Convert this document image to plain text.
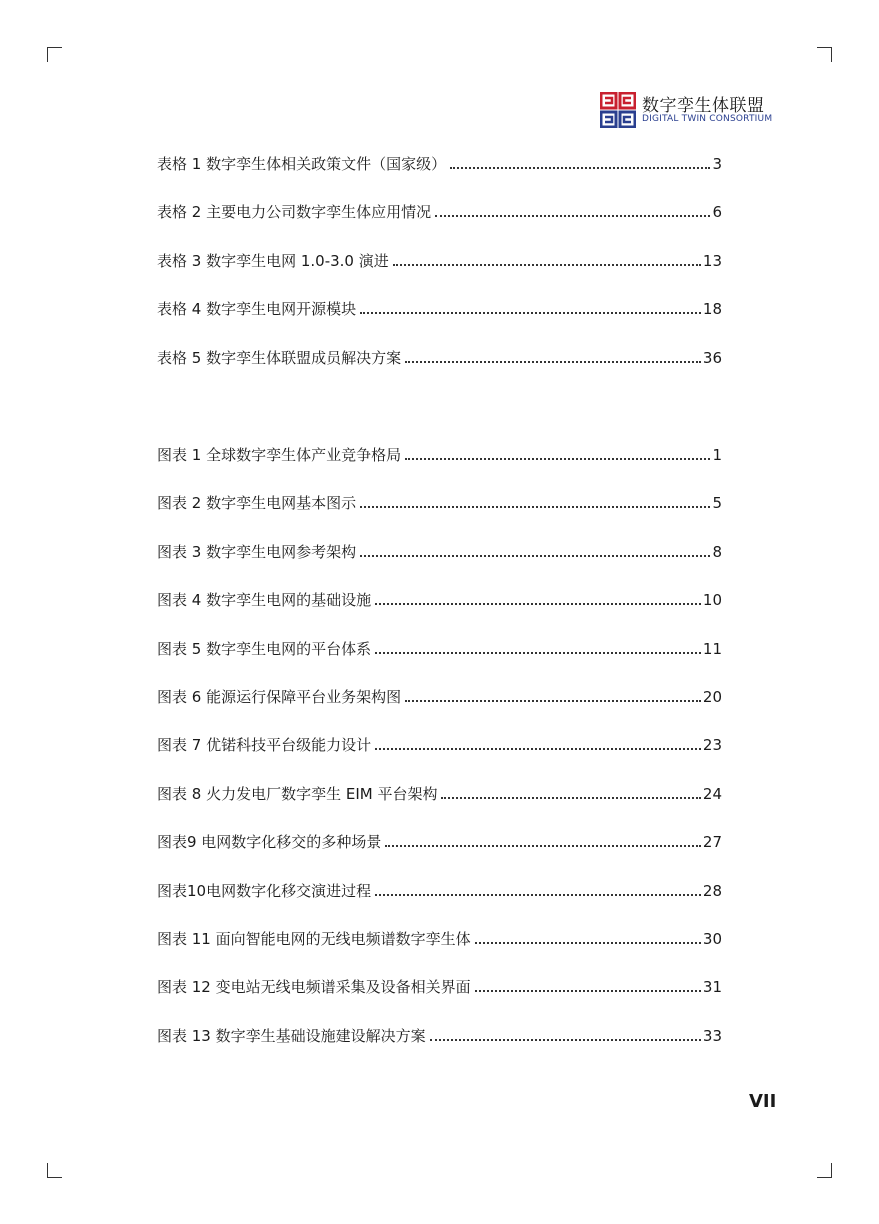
数字孪生体联盟
DIGITAL TWIN CONSORTIUM
表格 1 数字孪生体相关政策文件（国家级）	3
表格 2 主要电力公司数字孪生体应用情况	6
表格 3 数字孪生电网 1.0-3.0 演进	13
表格 4 数字孪生电网开源模块	18
表格 5 数字孪生体联盟成员解决方案	36
图表 1 全球数字孪生体产业竞争格局	1
图表 2 数字孪生电网基本图示	5
图表 3 数字孪生电网参考架构	8
图表 4 数字孪生电网的基础设施	10
图表 5 数字孪生电网的平台体系	11
图表 6 能源运行保障平台业务架构图	20
图表 7 优锘科技平台级能力设计	23
图表 8 火力发电厂数字孪生 EIM 平台架构	24
图表9 电网数字化移交的多种场景	27
图表10电网数字化移交演进过程	28
图表 11 面向智能电网的无线电频谱数字孪生体	30
图表 12 变电站无线电频谱采集及设备相关界面	31
图表 13 数字孪生基础设施建设解决方案	33
VII
